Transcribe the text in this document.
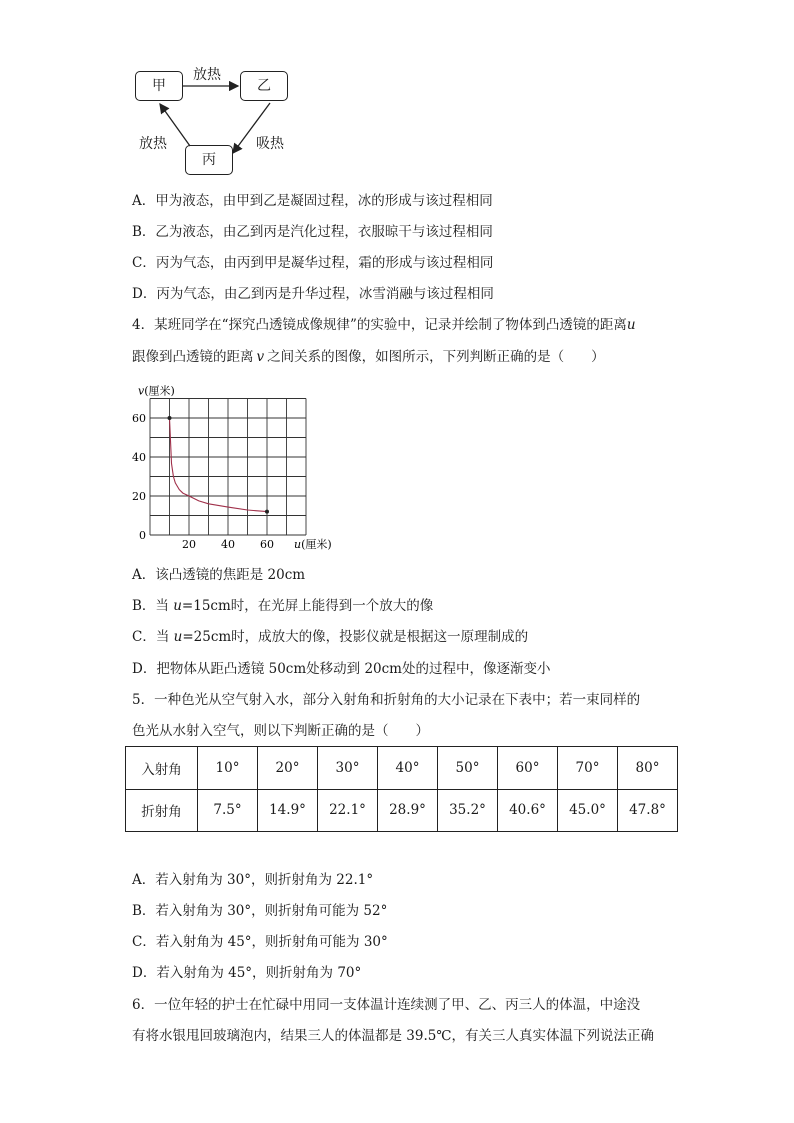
甲	乙
丙
放热
吸热
放热
A．甲为液态，由甲到乙是凝固过程，冰的形成与该过程相同
B．乙为液态，由乙到丙是汽化过程，衣服晾干与该过程相同
C．丙为气态，由丙到甲是凝华过程，霜的形成与该过程相同
D．丙为气态，由乙到丙是升华过程，冰雪消融与该过程相同
4．某班同学在“探究凸透镜成像规律”的实验中，记录并绘制了物体到凸透镜的距离u
跟像到凸透镜的距离 v 之间关系的图像，如图所示，下列判断正确的是（　　）
0
20
40
60
20 40 60
v(厘米)
u(厘米)
A．该凸透镜的焦距是 20cm
B．当 u=15cm时，在光屏上能得到一个放大的像
C．当 u=25cm时，成放大的像，投影仪就是根据这一原理制成的
D．把物体从距凸透镜 50cm处移动到 20cm处的过程中，像逐渐变小
5．一种色光从空气射入水，部分入射角和折射角的大小记录在下表中；若一束同样的
色光从水射入空气，则以下判断正确的是（　　）
入射角	10°	20°	30°	40°	50°	60°	70°	80°
折射角	7.5°	14.9°	22.1°	28.9°	35.2°	40.6°	45.0°	47.8°
A．若入射角为 30°，则折射角为 22.1°
B．若入射角为 30°，则折射角可能为 52°
C．若入射角为 45°，则折射角可能为 30°
D．若入射角为 45°，则折射角为 70°
6．一位年轻的护士在忙碌中用同一支体温计连续测了甲、乙、丙三人的体温，中途没
有将水银甩回玻璃泡内，结果三人的体温都是 39.5℃，有关三人真实体温下列说法正确
